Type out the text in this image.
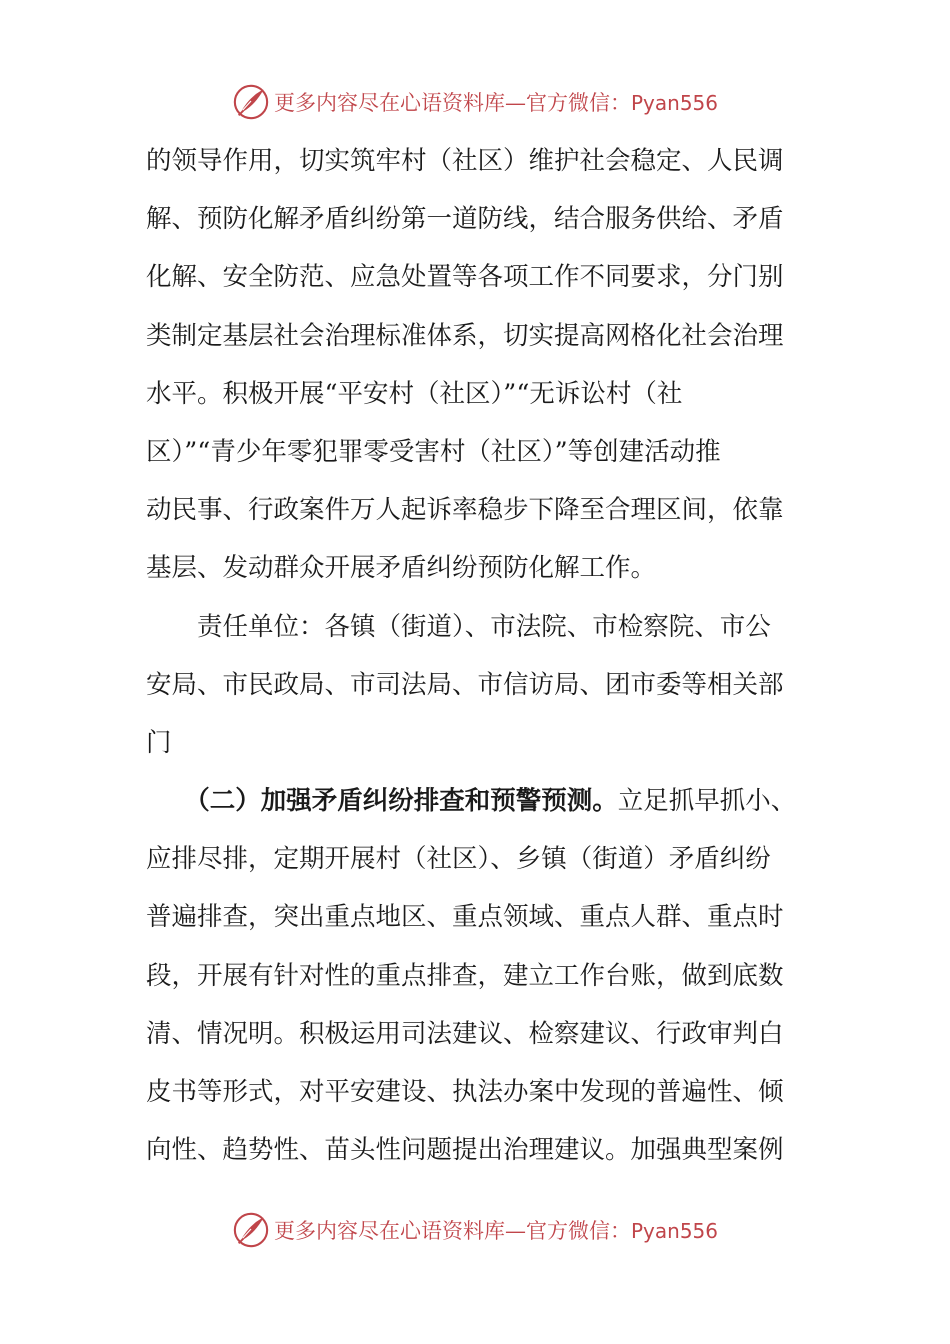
更多内容尽在心语资料库—官方微信：Pyan556
的领导作用，切实筑牢村（社区）维护社会稳定、人民调
解、预防化解矛盾纠纷第一道防线，结合服务供给、矛盾
化解、安全防范、应急处置等各项工作不同要求，分门别
类制定基层社会治理标准体系，切实提高网格化社会治理
水平。积极开展“平安村（社区）”“无诉讼村（社
区）”“青少年零犯罪零受害村（社区）”等创建活动推
动民事、行政案件万人起诉率稳步下降至合理区间，依靠
基层、发动群众开展矛盾纠纷预防化解工作。
　　责任单位：各镇（街道）、市法院、市检察院、市公
安局、市民政局、市司法局、市信访局、团市委等相关部
门
　　（二）加强矛盾纠纷排查和预警预测。立足抓早抓小、
应排尽排，定期开展村（社区）、乡镇（街道）矛盾纠纷
普遍排查，突出重点地区、重点领域、重点人群、重点时
段，开展有针对性的重点排查，建立工作台账，做到底数
清、情况明。积极运用司法建议、检察建议、行政审判白
皮书等形式，对平安建设、执法办案中发现的普遍性、倾
向性、趋势性、苗头性问题提出治理建议。加强典型案例
更多内容尽在心语资料库—官方微信：Pyan556
